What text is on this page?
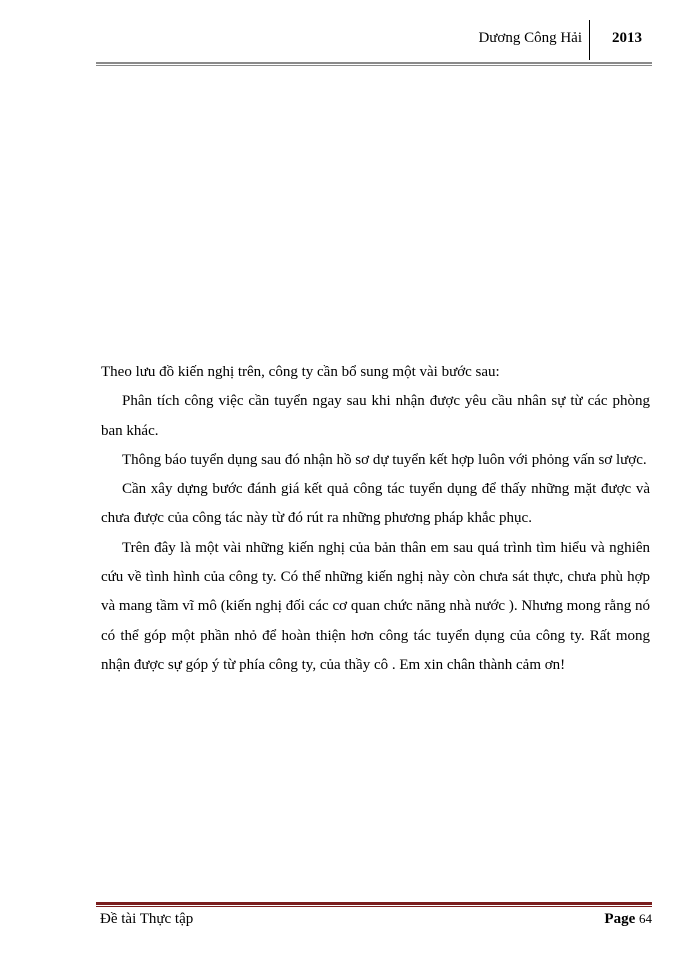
Dương Công Hải 2013

Theo lưu đồ kiến nghị trên, công ty cần bổ sung một vài bước sau:

Phân tích công việc cần tuyển ngay sau khi nhận được yêu cầu nhân sự từ các phòng ban khác.

Thông báo tuyển dụng sau đó nhận hồ sơ dự tuyển kết hợp luôn với phỏng vấn sơ lược.

Cần xây dựng bước đánh giá kết quả công tác tuyển dụng để thấy những mặt được và chưa được của công tác này từ đó rút ra những phương pháp khắc phục.

Trên đây là một vài những kiến nghị của bản thân em sau quá trình tìm hiểu và nghiên cứu về tình hình của công ty. Có thể những kiến nghị này còn chưa sát thực, chưa phù hợp và mang tầm vĩ mô (kiến nghị đối các cơ quan chức năng nhà nước ). Nhưng mong rằng nó có thể góp một phần nhỏ để hoàn thiện hơn công tác tuyển dụng của công ty. Rất mong nhận được sự góp ý từ phía công ty, của thầy cô . Em xin chân thành cảm ơn!

Đề tài Thực tập	Page 64
